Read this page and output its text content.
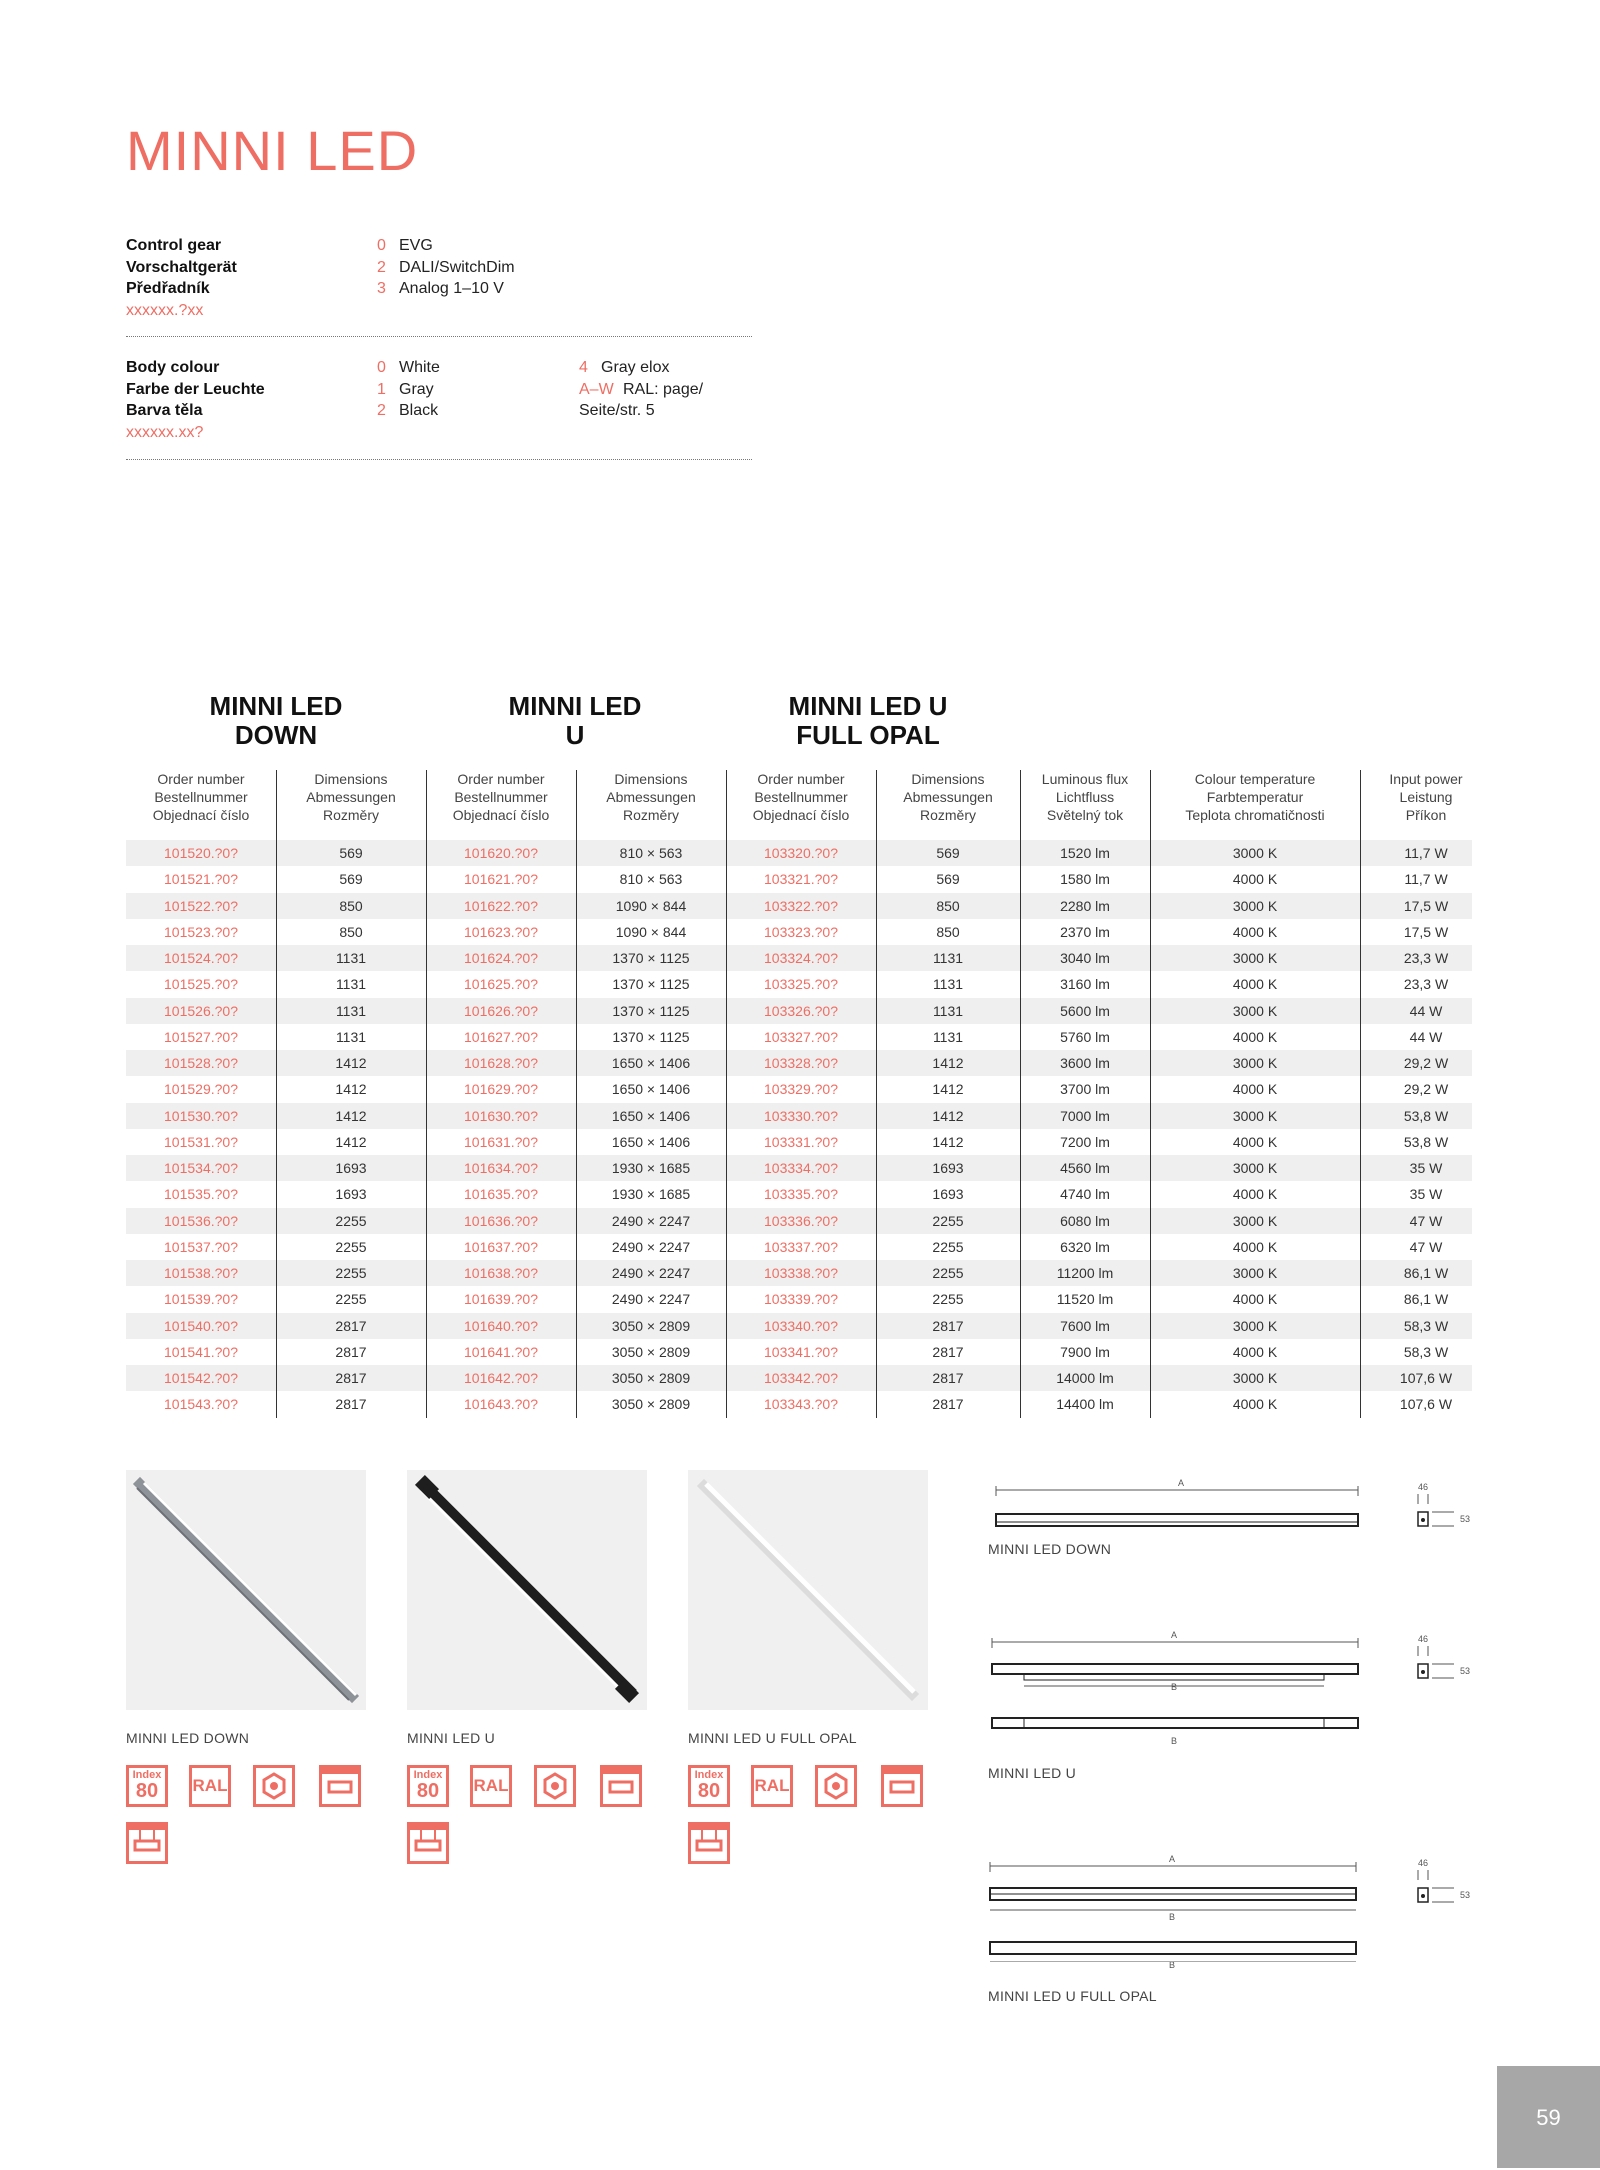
MINNI LED
Control gear
Vorschaltgerät
Předřadník
xxxxxx.?xx
0 EVG
2 DALI/SwitchDim
3 Analog 1–10 V
Body colour
Farbe der Leuchte
Barva těla
xxxxxx.xx?
0 White
1 Gray
2 Black
4 Gray elox
A–W RAL: page/
Seite/str. 5
MINNI LED
DOWN
MINNI LED
U
MINNI LED U
FULL OPAL
Order number
Bestellnummer
Objednací číslo
Dimensions
Abmessungen
Rozměry
Order number
Bestellnummer
Objednací číslo
Dimensions
Abmessungen
Rozměry
Order number
Bestellnummer
Objednací číslo
Dimensions
Abmessungen
Rozměry
Luminous flux
Lichtfluss
Světelný tok
Colour temperature
Farbtemperatur
Teplota chromatičnosti
Input power
Leistung
Příkon
101520.?0?	569	101620.?0?	810 × 563	103320.?0?	569	1520 lm	3000 K	11,7 W
101521.?0?	569	101621.?0?	810 × 563	103321.?0?	569	1580 lm	4000 K	11,7 W
101522.?0?	850	101622.?0?	1090 × 844	103322.?0?	850	2280 lm	3000 K	17,5 W
101523.?0?	850	101623.?0?	1090 × 844	103323.?0?	850	2370 lm	4000 K	17,5 W
101524.?0?	1131	101624.?0?	1370 × 1125	103324.?0?	1131	3040 lm	3000 K	23,3 W
101525.?0?	1131	101625.?0?	1370 × 1125	103325.?0?	1131	3160 lm	4000 K	23,3 W
101526.?0?	1131	101626.?0?	1370 × 1125	103326.?0?	1131	5600 lm	3000 K	44 W
101527.?0?	1131	101627.?0?	1370 × 1125	103327.?0?	1131	5760 lm	4000 K	44 W
101528.?0?	1412	101628.?0?	1650 × 1406	103328.?0?	1412	3600 lm	3000 K	29,2 W
101529.?0?	1412	101629.?0?	1650 × 1406	103329.?0?	1412	3700 lm	4000 K	29,2 W
101530.?0?	1412	101630.?0?	1650 × 1406	103330.?0?	1412	7000 lm	3000 K	53,8 W
101531.?0?	1412	101631.?0?	1650 × 1406	103331.?0?	1412	7200 lm	4000 K	53,8 W
101534.?0?	1693	101634.?0?	1930 × 1685	103334.?0?	1693	4560 lm	3000 K	35 W
101535.?0?	1693	101635.?0?	1930 × 1685	103335.?0?	1693	4740 lm	4000 K	35 W
101536.?0?	2255	101636.?0?	2490 × 2247	103336.?0?	2255	6080 lm	3000 K	47 W
101537.?0?	2255	101637.?0?	2490 × 2247	103337.?0?	2255	6320 lm	4000 K	47 W
101538.?0?	2255	101638.?0?	2490 × 2247	103338.?0?	2255	11200 lm	3000 K	86,1 W
101539.?0?	2255	101639.?0?	2490 × 2247	103339.?0?	2255	11520 lm	4000 K	86,1 W
101540.?0?	2817	101640.?0?	3050 × 2809	103340.?0?	2817	7600 lm	3000 K	58,3 W
101541.?0?	2817	101641.?0?	3050 × 2809	103341.?0?	2817	7900 lm	4000 K	58,3 W
101542.?0?	2817	101642.?0?	3050 × 2809	103342.?0?	2817	14000 lm	3000 K	107,6 W
101543.?0?	2817	101643.?0?	3050 × 2809	103343.?0?	2817	14400 lm	4000 K	107,6 W
MINNI LED DOWN	MINNI LED U	MINNI LED U FULL OPAL
Index
80	RAL
Index
80	RAL
Index
80	RAL
A	46
53
MINNI LED DOWN
A
B
B
46
53
MINNI LED U
A
B
B
46
53
MINNI LED U FULL OPAL
59
